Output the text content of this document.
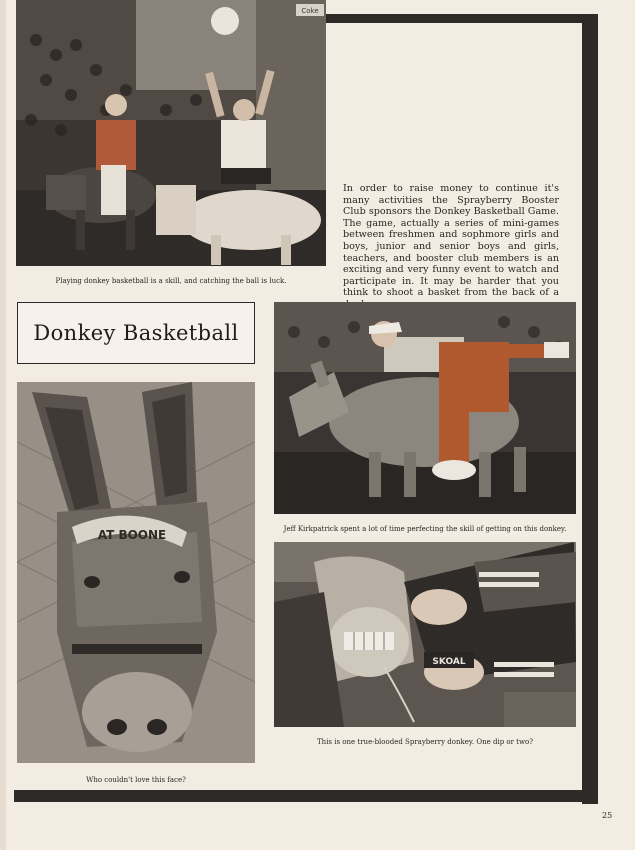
Coke
Playing donkey basketball is a skill, and catching the ball is luck.
In order to raise money to continue it's many activities the Sprayberry Booster Club sponsors the Donkey Basketball Game. The game, actually a series of mini-games between freshmen and sophmore girls and boys, junior and senior boys and girls, teachers, and booster club members is an exciting and very funny event to watch and participate in. It may be harder that you think to shoot a basket from the back of a
Donkey Basketball
Jeff Kirkpatrick spent a lot of time perfecting the skill of getting on this donkey.
AT BOONE
Who couldn't love this face?
SKOAL
This is one true-blooded Sprayberry donkey. One dip or two?
25
